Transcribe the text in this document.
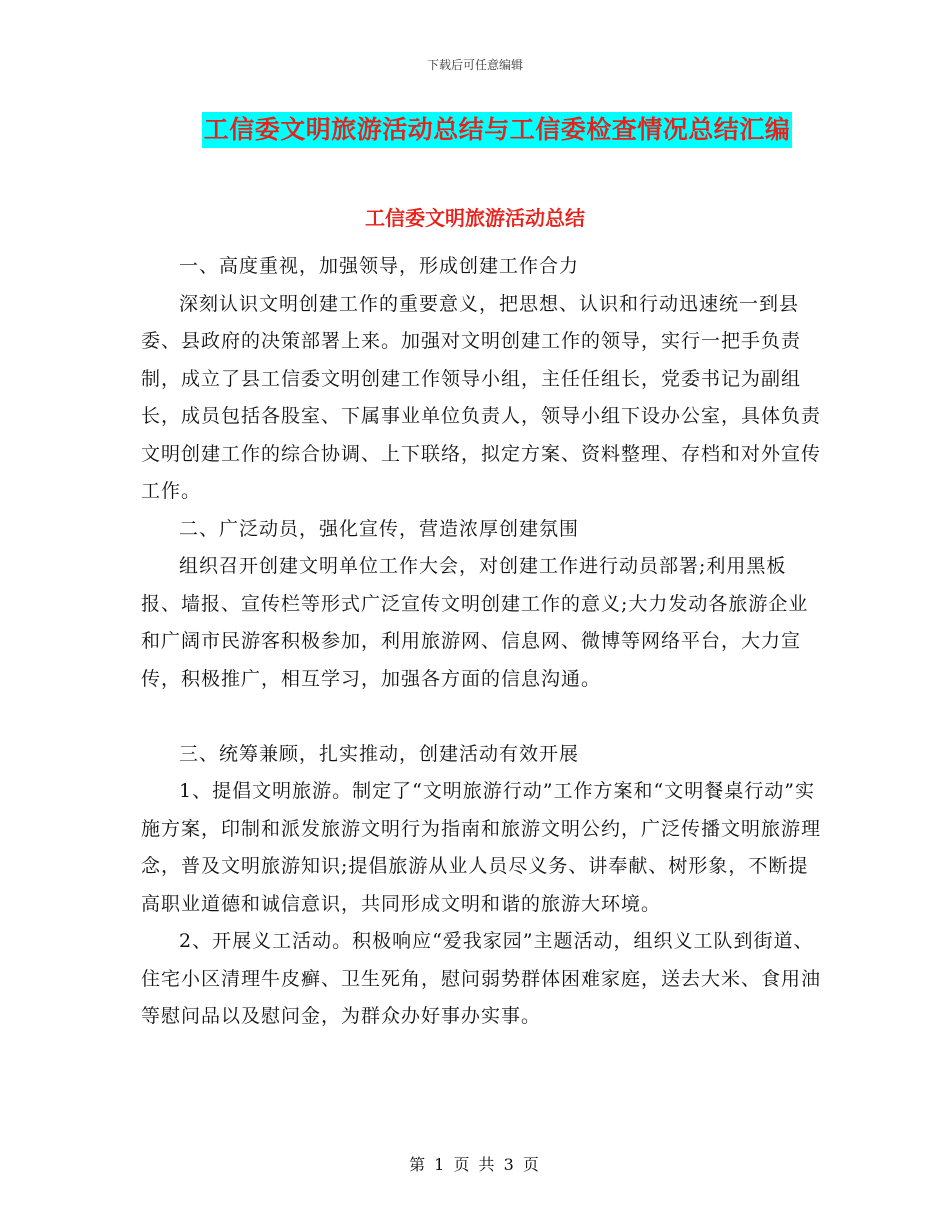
下载后可任意编辑
工信委文明旅游活动总结与工信委检查情况总结汇编
工信委文明旅游活动总结

一、高度重视，加强领导，形成创建工作合力

深刻认识文明创建工作的重要意义，把思想、认识和行动迅速统一到县委、县政府的决策部署上来。加强对文明创建工作的领导，实行一把手负责制，成立了县工信委文明创建工作领导小组，主任任组长，党委书记为副组长，成员包括各股室、下属事业单位负责人，领导小组下设办公室，具体负责文明创建工作的综合协调、上下联络，拟定方案、资料整理、存档和对外宣传工作。

二、广泛动员，强化宣传，营造浓厚创建氛围

组织召开创建文明单位工作大会，对创建工作进行动员部署;利用黑板报、墙报、宣传栏等形式广泛宣传文明创建工作的意义;大力发动各旅游企业和广阔市民游客积极参加，利用旅游网、信息网、微博等网络平台，大力宣传，积极推广，相互学习，加强各方面的信息沟通。

三、统筹兼顾，扎实推动，创建活动有效开展

1、提倡文明旅游。制定了“文明旅游行动”工作方案和“文明餐桌行动”实施方案，印制和派发旅游文明行为指南和旅游文明公约，广泛传播文明旅游理念，普及文明旅游知识;提倡旅游从业人员尽义务、讲奉献、树形象，不断提高职业道德和诚信意识，共同形成文明和谐的旅游大环境。

2、开展义工活动。积极响应“爱我家园”主题活动，组织义工队到街道、住宅小区清理牛皮癣、卫生死角，慰问弱势群体困难家庭，送去大米、食用油等慰问品以及慰问金，为群众办好事办实事。

第 1 页 共 3 页
